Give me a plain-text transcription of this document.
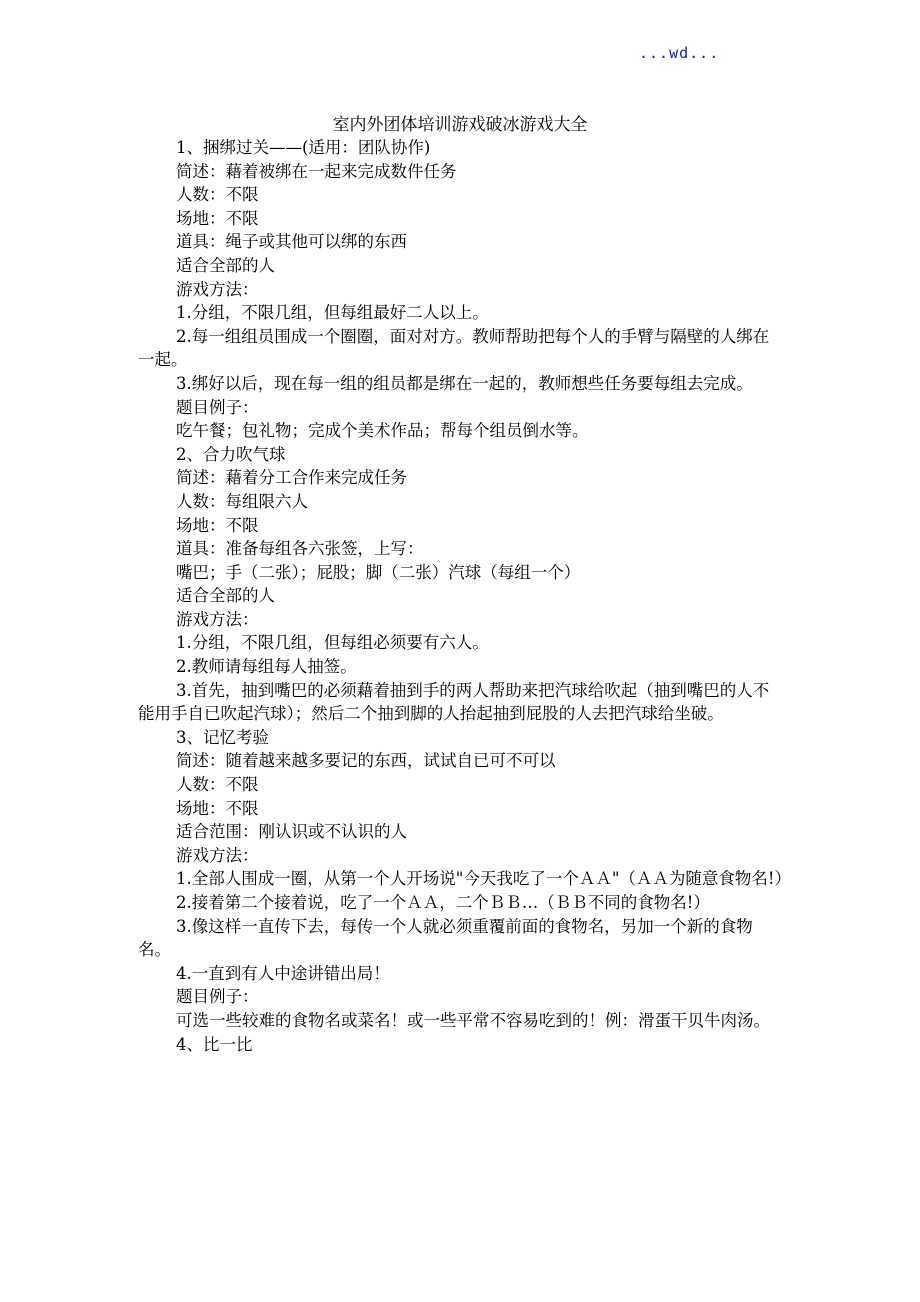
...wd...
室内外团体培训游戏破冰游戏大全

1、捆绑过关——(适用：团队协作)

简述：藉着被绑在一起来完成数件任务

人数：不限

场地：不限

道具：绳子或其他可以绑的东西

适合全部的人

游戏方法：

1.分组，不限几组，但每组最好二人以上。

2.每一组组员围成一个圈圈，面对对方。教师帮助把每个人的手臂与隔壁的人绑在一起。

3.绑好以后，现在每一组的组员都是绑在一起的，教师想些任务要每组去完成。

题目例子：

吃午餐；包礼物；完成个美术作品；帮每个组员倒水等。

2、合力吹气球

简述：藉着分工合作来完成任务

人数：每组限六人

场地：不限

道具：准备每组各六张签，上写：

嘴巴；手（二张）；屁股；脚（二张）汽球（每组一个）

适合全部的人

游戏方法：

1.分组，不限几组，但每组必须要有六人。

2.教师请每组每人抽签。

3.首先，抽到嘴巴的必须藉着抽到手的两人帮助来把汽球给吹起（抽到嘴巴的人不能用手自已吹起汽球）；然后二个抽到脚的人抬起抽到屁股的人去把汽球给坐破。

3、记忆考验

简述：随着越来越多要记的东西，试试自已可不可以

人数：不限

场地：不限

适合范围：刚认识或不认识的人

游戏方法：

1.全部人围成一圈，从第一个人开场说"今天我吃了一个ＡＡ"（ＡＡ为随意食物名!）

2.接着第二个接着说，吃了一个ＡＡ，二个ＢＢ…（ＢＢ不同的食物名!）

3.像这样一直传下去，每传一个人就必须重覆前面的食物名，另加一个新的食物名。

4.一直到有人中途讲错出局！

题目例子：

可选一些较难的食物名或菜名！或一些平常不容易吃到的！例：滑蛋干贝牛肉汤。

4、比一比
